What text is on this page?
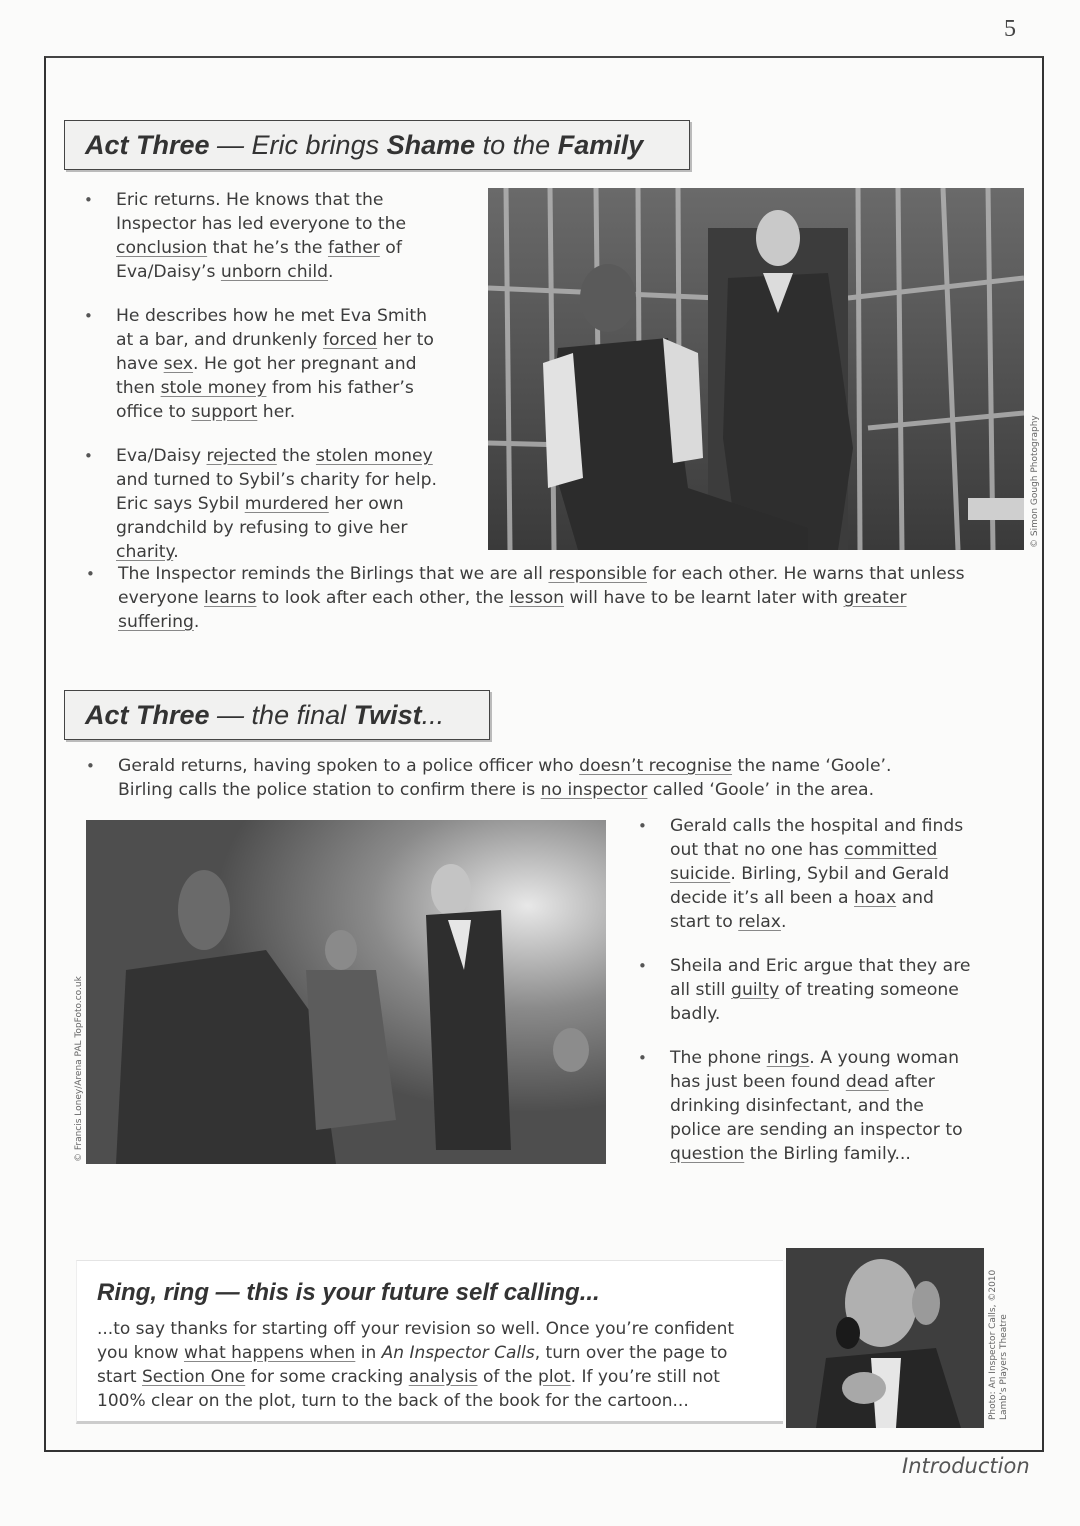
5
Act Three — Eric brings Shame to the Family
• Eric returns. He knows that the Inspector has led everyone to the conclusion that he’s the father of Eva/Daisy’s unborn child.
• He describes how he met Eva Smith at a bar, and drunkenly forced her to have sex. He got her pregnant and then stole money from his father’s office to support her.
• Eva/Daisy rejected the stolen money and turned to Sybil’s charity for help. Eric says Sybil murdered her own grandchild by refusing to give her charity.
© Simon Gough Photography
• The Inspector reminds the Birlings that we are all responsible for each other. He warns that unless everyone learns to look after each other, the lesson will have to be learnt later with greater suffering.
Act Three — the final Twist ...
• Gerald returns, having spoken to a police officer who doesn’t recognise the name ‘Goole’. Birling calls the police station to confirm there is no inspector called ‘Goole’ in the area.
© Francis Loney/Arena PAL TopFoto.co.uk
• Gerald calls the hospital and finds out that no one has committed suicide. Birling, Sybil and Gerald decide it’s all been a hoax and start to relax.
• Sheila and Eric argue that they are all still guilty of treating someone badly.
• The phone rings. A young woman has just been found dead after drinking disinfectant, and the police are sending an inspector to question the Birling family...
Ring, ring — this is your future self calling...
...to say thanks for starting off your revision so well. Once you’re confident you know what happens when in An Inspector Calls, turn over the page to start Section One for some cracking analysis of the plot. If you’re still not 100% clear on the plot, turn to the back of the book for the cartoon...	Photo: An Inspector Calls, ©2010 Lamb’s Players Theatre
Introduction
